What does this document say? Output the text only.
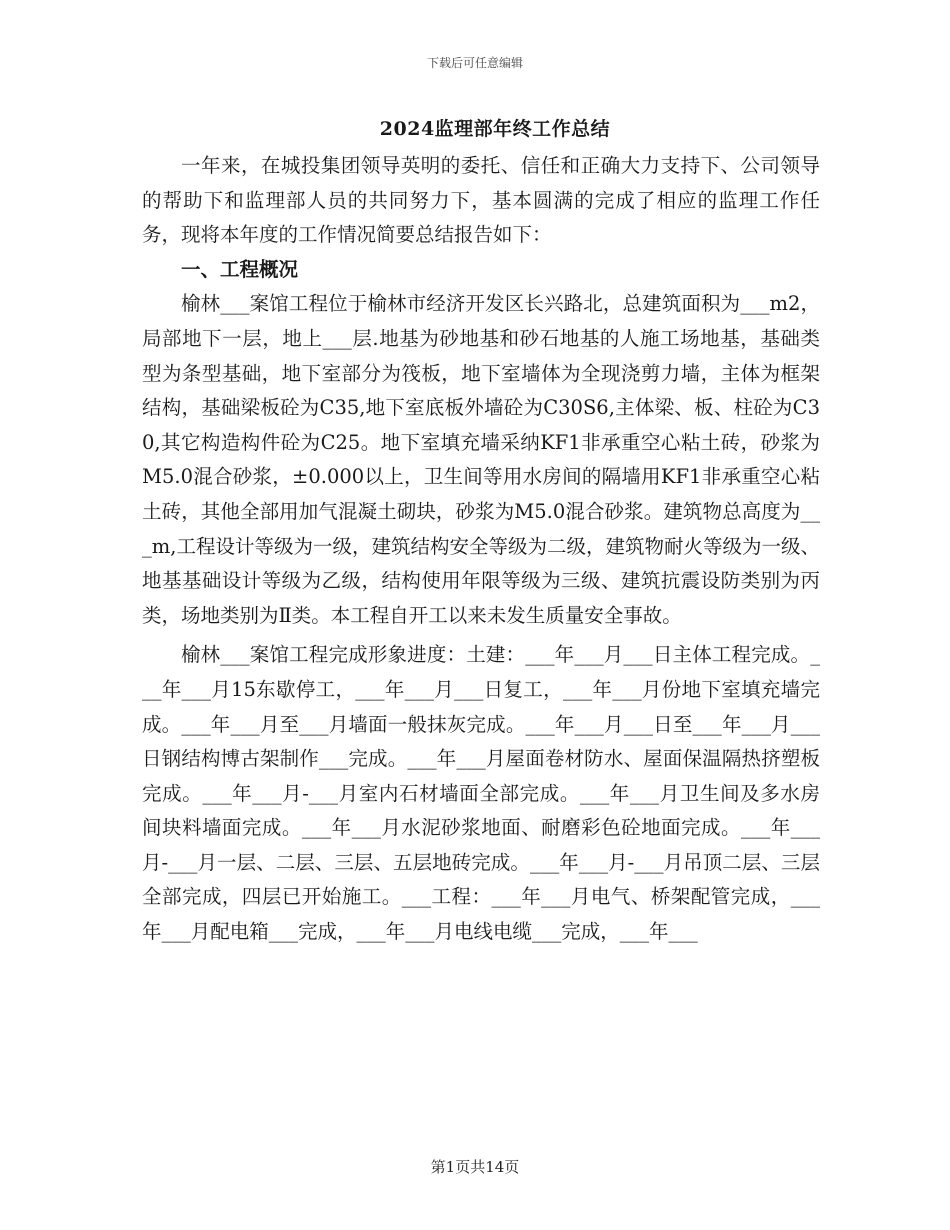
下载后可任意编辑
2024监理部年终工作总结

一年来，在城投集团领导英明的委托、信任和正确大力支持下、公司领导的帮助下和监理部人员的共同努力下，基本圆满的完成了相应的监理工作任务，现将本年度的工作情况简要总结报告如下：

一、工程概况

榆林___案馆工程位于榆林市经济开发区长兴路北，总建筑面积为___m2，局部地下一层，地上___层.地基为砂地基和砂石地基的人施工场地基，基础类型为条型基础，地下室部分为筏板，地下室墙体为全现浇剪力墙，主体为框架结构，基础梁板砼为C35,地下室底板外墙砼为C30S6,主体梁、板、柱砼为C30,其它构造构件砼为C25。地下室填充墙采纳KF1非承重空心粘土砖，砂浆为M5.0混合砂浆，±0.000以上，卫生间等用水房间的隔墙用KF1非承重空心粘土砖，其他全部用加气混凝土砌块，砂浆为M5.0混合砂浆。建筑物总高度为___m,工程设计等级为一级，建筑结构安全等级为二级，建筑物耐火等级为一级、地基基础设计等级为乙级，结构使用年限等级为三级、建筑抗震设防类别为丙类，场地类别为Ⅱ类。本工程自开工以来未发生质量安全事故。

榆林___案馆工程完成形象进度：土建：___年___月___日主体工程完成。___年___月15东歇停工，___年___月___日复工，___年___月份地下室填充墙完成。___年___月至___月墙面一般抹灰完成。___年___月___日至___年___月___日钢结构博古架制作___完成。___年___月屋面卷材防水、屋面保温隔热挤塑板完成。___年___月-___月室内石材墙面全部完成。___年___月卫生间及多水房间块料墙面完成。___年___月水泥砂浆地面、耐磨彩色砼地面完成。___年___月-___月一层、二层、三层、五层地砖完成。___年___月-___月吊顶二层、三层全部完成，四层已开始施工。___工程：___年___月电气、桥架配管完成，___年___月配电箱___完成，___年___月电线电缆___完成，___年___

第1页共14页
